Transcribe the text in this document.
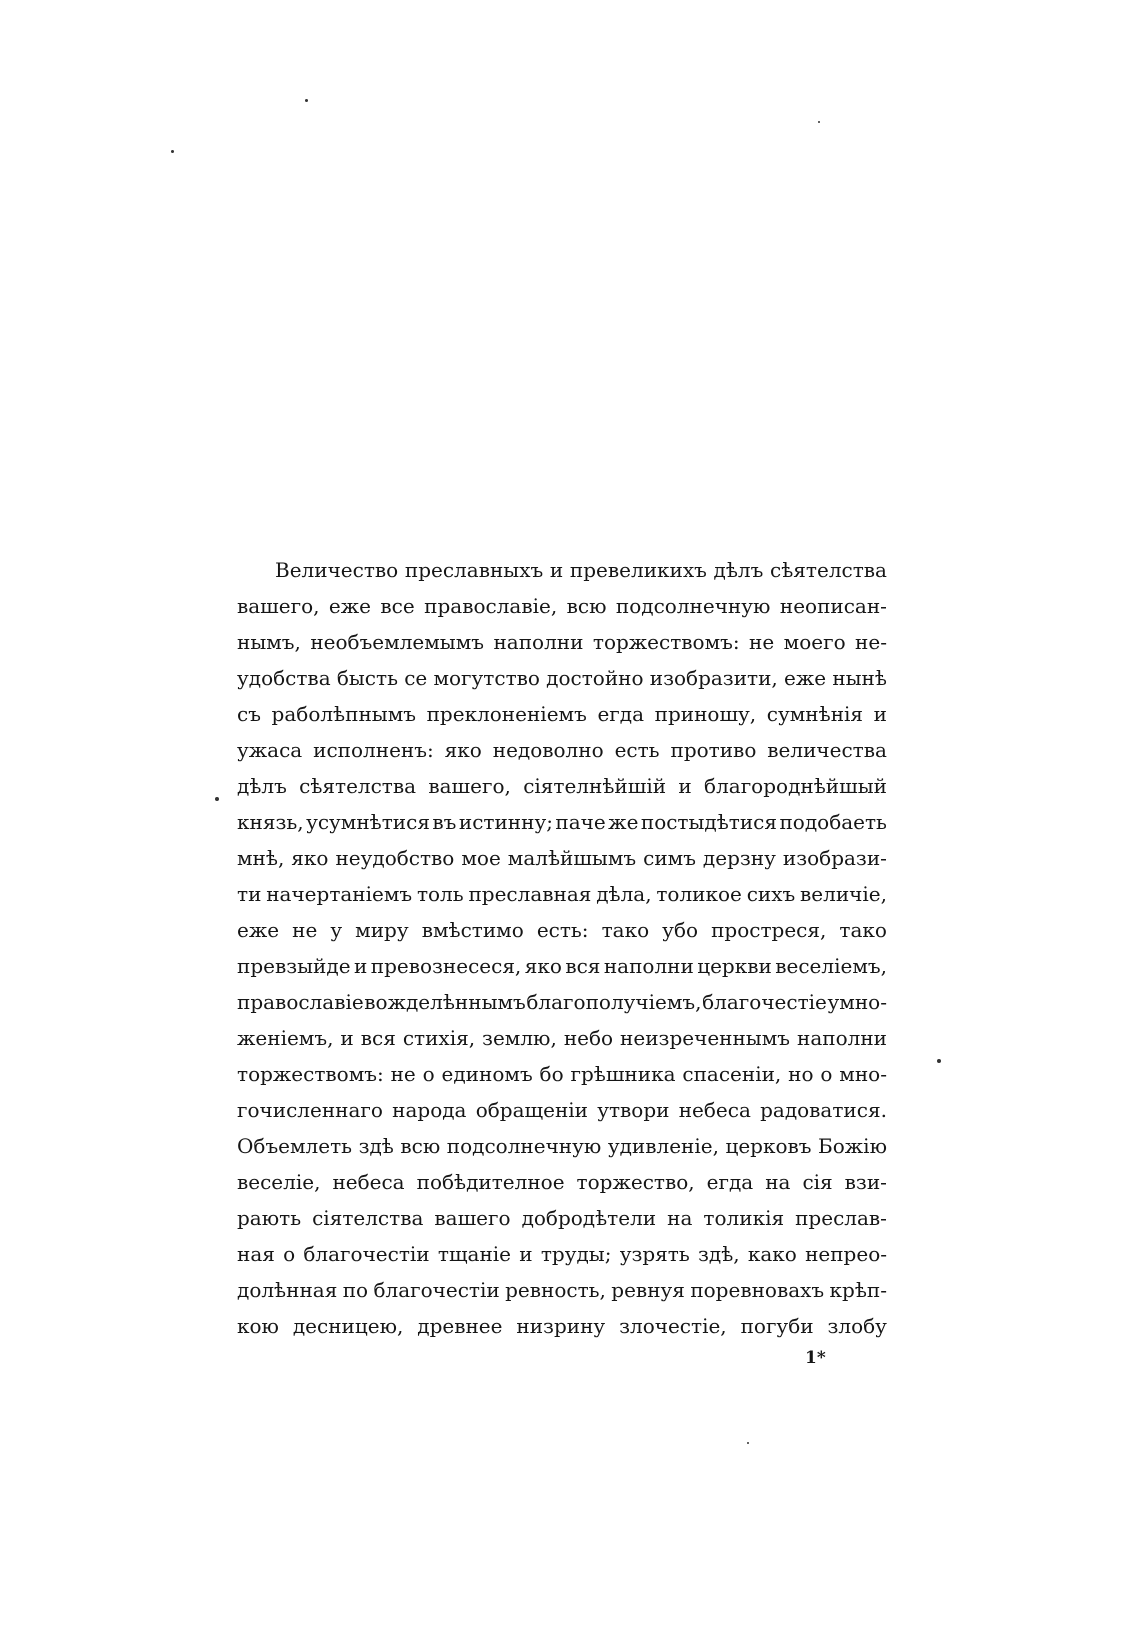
Величество преславныхъ и превеликихъ дѣлъ сѣятелства
вашего, еже все православіе, всю подсолнечную неописан-
нымъ, необъемлемымъ наполни торжествомъ: не моего не-
удобства бысть се могутство достойно изобразити, еже нынѣ
съ раболѣпнымъ преклоненіемъ егда приношу, сумнѣнія и
ужаса исполненъ: яко недоволно есть противо величества
дѣлъ сѣятелства вашего, сіятелнѣйшій и благороднѣйшый
князь, усумнѣтися въ истинну; паче же постыдѣтися подобаеть
мнѣ, яко неудобство мое малѣйшымъ симъ дерзну изобрази-
ти начертаніемъ толь преславная дѣла, толикое сихъ величіе,
еже не у миру вмѣстимо есть: тако убо простреся, тако
превзыйде и превознесеся, яко вся наполни церкви веселіемъ,
православіе вожделѣннымъ благополучіемъ, благочестіе умно-
женіемъ, и вся стихія, землю, небо неизреченнымъ наполни
торжествомъ: не о единомъ бо грѣшника спасеніи, но о мно-
гочисленнаго народа обращеніи утвори небеса радоватися.
Объемлеть здѣ всю подсолнечную удивленіе, церковъ Божію
веселіе, небеса побѣдителное торжество, егда на сія взи-
рають сіятелства вашего добродѣтели на толикія преслав-
ная о благочестіи тщаніе и труды; узрять здѣ, како непрео-
долѣнная по благочестіи ревность, ревнуя поревновахъ крѣп-
кою десницею, древнее низрину злочестіе, погуби злобу
1*
